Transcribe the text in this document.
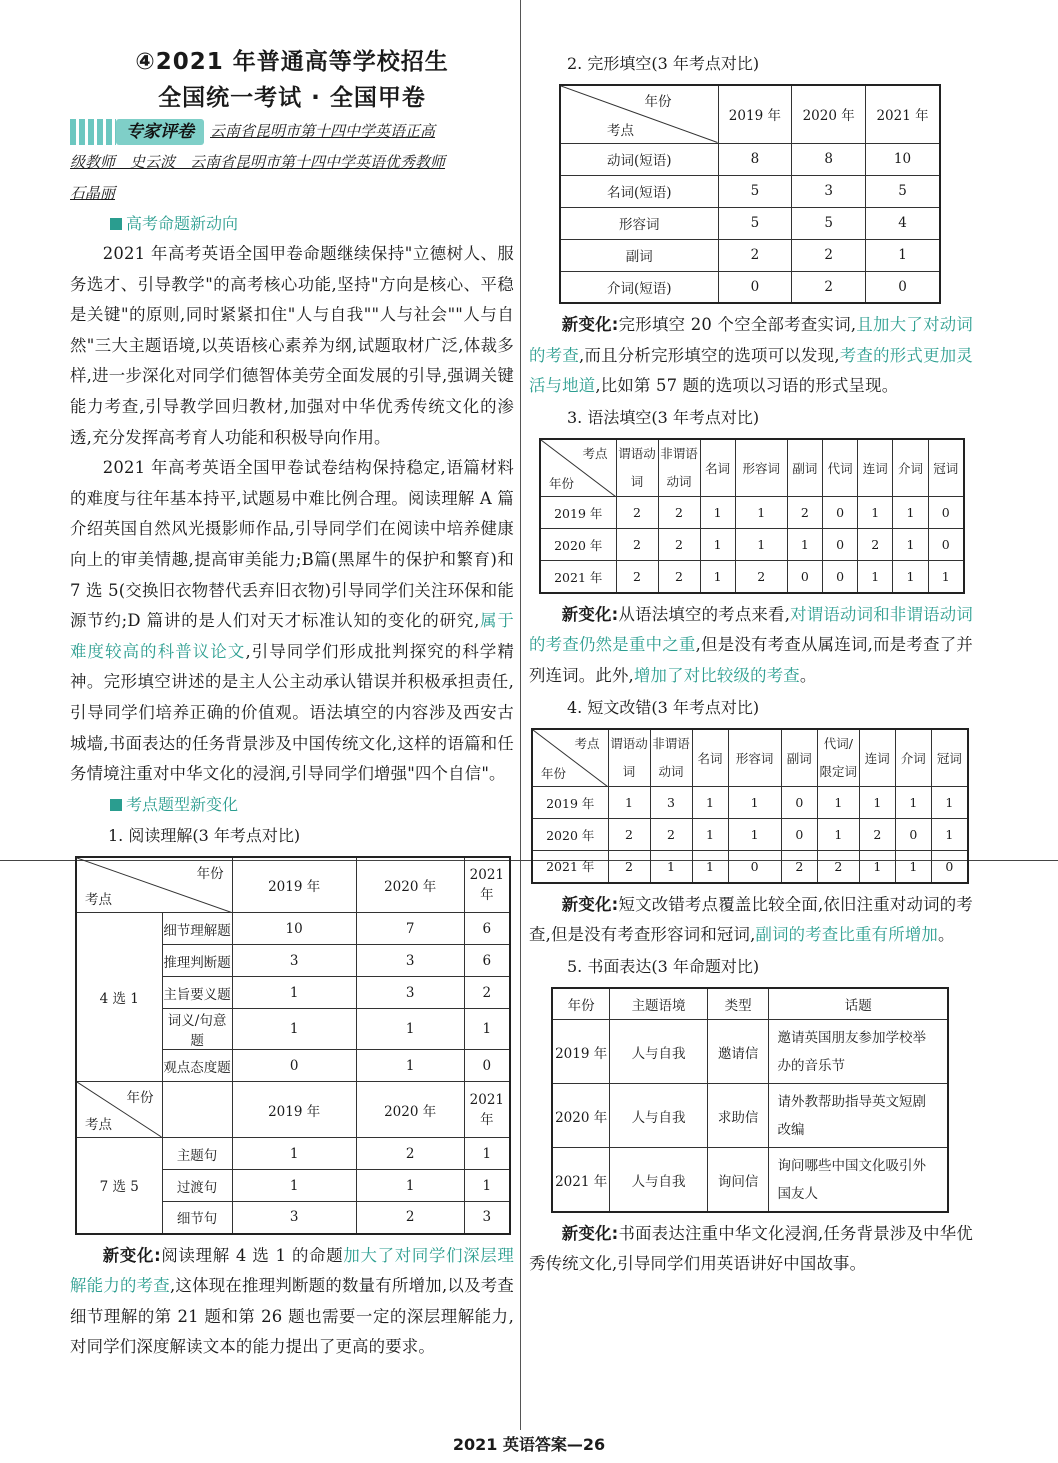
④2021 年普通高等学校招生
全国统一考试 · 全国甲卷
专家评卷 云南省昆明市第十四中学英语正高
级教师　史云波　云南省昆明市第十四中学英语优秀教师
石晶丽
高考命题新动向

2021 年高考英语全国甲卷命题继续保持"立德树人、服务选才、引导教学"的高考核心功能,坚持"方向是核心、平稳是关键"的原则,同时紧紧扣住"人与自我""人与社会""人与自然"三大主题语境,以英语核心素养为纲,试题取材广泛,体裁多样,进一步深化对同学们德智体美劳全面发展的引导,强调关键能力考查,引导教学回归教材,加强对中华优秀传统文化的渗透,充分发挥高考育人功能和积极导向作用。

2021 年高考英语全国甲卷试卷结构保持稳定,语篇材料的难度与往年基本持平,试题易中难比例合理。阅读理解 A 篇介绍英国自然风光摄影师作品,引导同学们在阅读中培养健康向上的审美情趣,提高审美能力;B篇(黑犀牛的保护和繁育)和 7 选 5(交换旧衣物替代丢弃旧衣物)引导同学们关注环保和能源节约;D 篇讲的是人们对天才标准认知的变化的研究,属于难度较高的科普议论文,引导同学们形成批判探究的科学精神。完形填空讲述的是主人公主动承认错误并积极承担责任,引导同学们培养正确的价值观。语法填空的内容涉及西安古城墙,书面表达的任务背景涉及中国传统文化,这样的语篇和任务情境注重对中华文化的浸润,引导同学们增强"四个自信"。

考点题型新变化
1. 阅读理解(3 年考点对比)
年份
考点		2019 年	2020 年	2021 年
4 选 1	细节理解题	10	7	6
	推理判断题	3	3	6
	主旨要义题	1	3	2
	词义/句意题	1	1	1
	观点态度题	0	1	0

年份
考点		2019 年	2020 年	2021 年
7 选 5	主题句	1	2	1
	过渡句	1	1	1
	细节句	3	2	3

新变化:阅读理解 4 选 1 的命题加大了对同学们深层理解能力的考查,这体现在推理判断题的数量有所增加,以及考查细节理解的第 21 题和第 26 题也需要一定的深层理解能力,对同学们深度解读文本的能力提出了更高的要求。

2. 完形填空(3 年考点对比)
年份
考点	2019 年	2020 年	2021 年
动词(短语)	8	8	10
名词(短语)	5	3	5
形容词	5	5	4
副词	2	2	1
介词(短语)	0	2	0

新变化:完形填空 20 个空全部考查实词,且加大了对动词的考查,而且分析完形填空的选项可以发现,考查的形式更加灵活与地道,比如第 57 题的选项以习语的形式呈现。

3. 语法填空(3 年考点对比)
考点
年份	谓语动词	非谓语动词	名词	形容词	副词	代词	连词	介词	冠词
2019 年	2	2	1	1	2	0	1	1	0
2020 年	2	2	1	1	1	0	2	1	0
2021 年	2	2	1	2	0	0	1	1	1

新变化:从语法填空的考点来看,对谓语动词和非谓语动词的考查仍然是重中之重,但是没有考查从属连词,而是考查了并列连词。此外,增加了对比较级的考查。

4. 短文改错(3 年考点对比)
考点
年份	谓语动词	非谓语动词	名词	形容词	副词	代词/限定词	连词	介词	冠词
2019 年	1	3	1	1	0	1	1	1	1
2020 年	2	2	1	1	0	1	2	0	1
2021 年	2	1	1	0	2	2	1	1	0

新变化:短文改错考点覆盖比较全面,依旧注重对动词的考查,但是没有考查形容词和冠词,副词的考查比重有所增加。

5. 书面表达(3 年命题对比)
年份	主题语境	类型	话题
2019 年	人与自我	邀请信	邀请英国朋友参加学校举办的音乐节
2020 年	人与自我	求助信	请外教帮助指导英文短剧改编
2021 年	人与自我	询问信	询问哪些中国文化吸引外国友人

新变化:书面表达注重中华文化浸润,任务背景涉及中华优秀传统文化,引导同学们用英语讲好中国故事。

2021 英语答案—26
